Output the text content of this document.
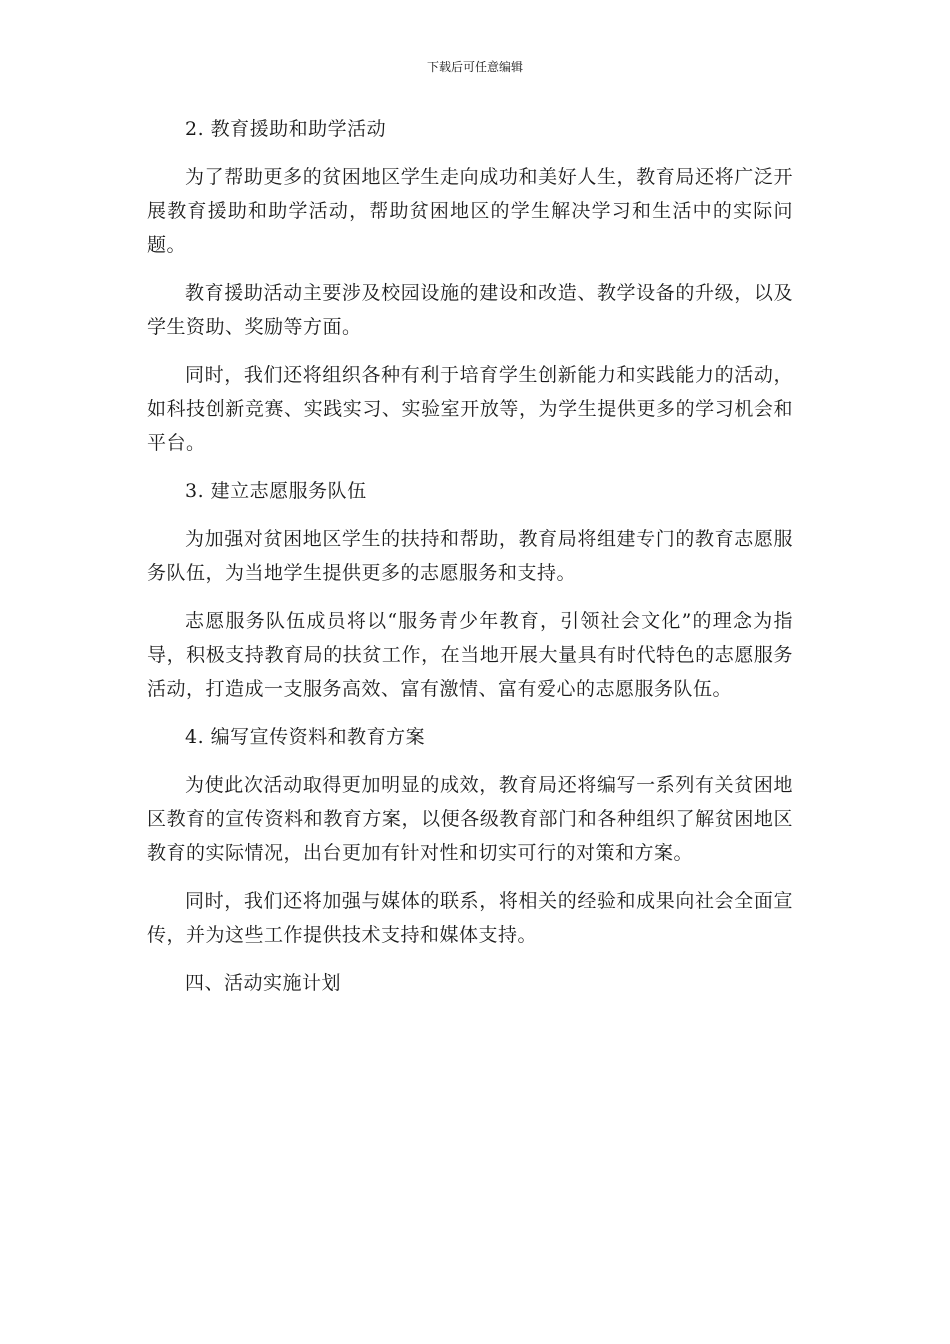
下载后可任意编辑

2. 教育援助和助学活动

为了帮助更多的贫困地区学生走向成功和美好人生，教育局还将广泛开展教育援助和助学活动，帮助贫困地区的学生解决学习和生活中的实际问题。

教育援助活动主要涉及校园设施的建设和改造、教学设备的升级，以及学生资助、奖励等方面。

同时，我们还将组织各种有利于培育学生创新能力和实践能力的活动，如科技创新竞赛、实践实习、实验室开放等，为学生提供更多的学习机会和平台。

3. 建立志愿服务队伍

为加强对贫困地区学生的扶持和帮助，教育局将组建专门的教育志愿服务队伍，为当地学生提供更多的志愿服务和支持。

志愿服务队伍成员将以“服务青少年教育，引领社会文化”的理念为指导，积极支持教育局的扶贫工作，在当地开展大量具有时代特色的志愿服务活动，打造成一支服务高效、富有激情、富有爱心的志愿服务队伍。

4. 编写宣传资料和教育方案

为使此次活动取得更加明显的成效，教育局还将编写一系列有关贫困地区教育的宣传资料和教育方案，以便各级教育部门和各种组织了解贫困地区教育的实际情况，出台更加有针对性和切实可行的对策和方案。

同时，我们还将加强与媒体的联系，将相关的经验和成果向社会全面宣传，并为这些工作提供技术支持和媒体支持。

四、活动实施计划
